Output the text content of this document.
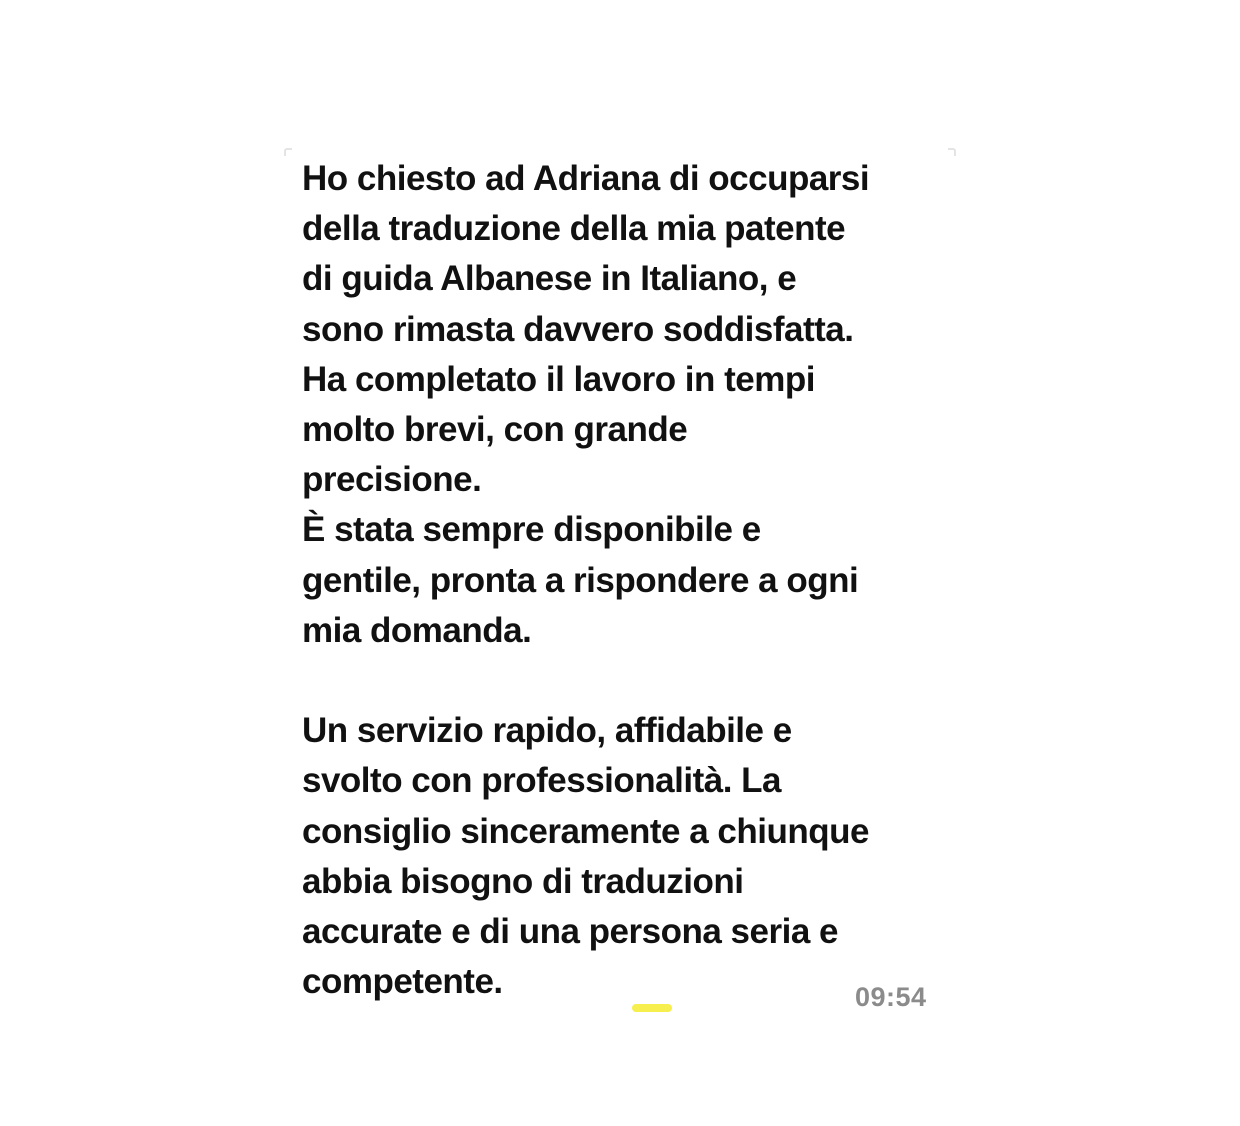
Ho chiesto ad Adriana di occuparsi
della traduzione della mia patente
di guida Albanese in Italiano, e
sono rimasta davvero soddisfatta.
Ha completato il lavoro in tempi
molto brevi, con grande
precisione.
È stata sempre disponibile e
gentile, pronta a rispondere a ogni
mia domanda.
Un servizio rapido, affidabile e
svolto con professionalità. La
consiglio sinceramente a chiunque
abbia bisogno di traduzioni
accurate e di una persona seria e
competente.	09:54
